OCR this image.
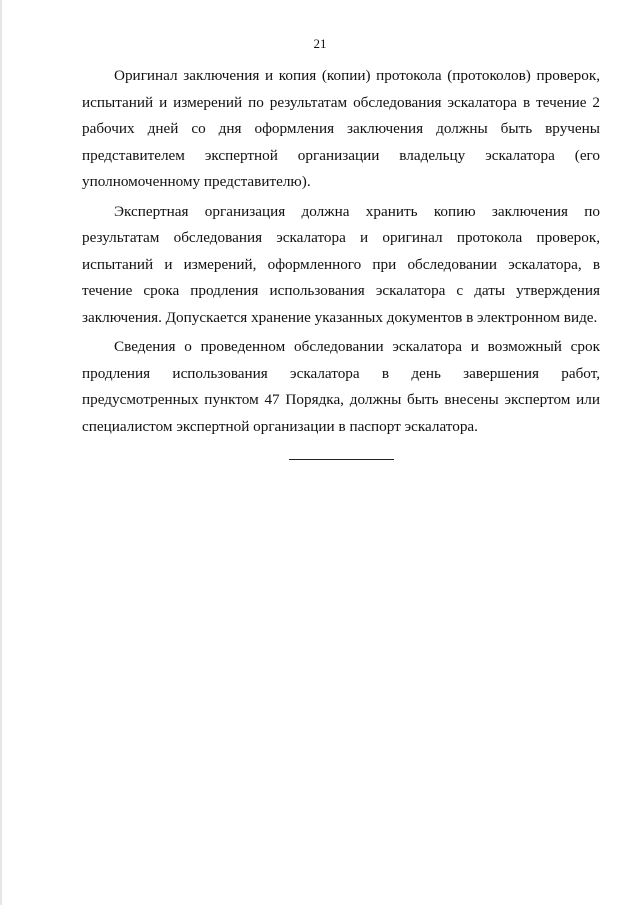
21

Оригинал заключения и копия (копии) протокола (протоколов) проверок, испытаний и измерений по результатам обследования эскалатора в течение 2 рабочих дней со дня оформления заключения должны быть вручены представителем экспертной организации владельцу эскалатора (его уполномоченному представителю).

Экспертная организация должна хранить копию заключения по результатам обследования эскалатора и оригинал протокола проверок, испытаний и измерений, оформленного при обследовании эскалатора, в течение срока продления использования эскалатора с даты утверждения заключения. Допускается хранение указанных документов в электронном виде.

Сведения о проведенном обследовании эскалатора и возможный срок продления использования эскалатора в день завершения работ, предусмотренных пунктом 47 Порядка, должны быть внесены экспертом или специалистом экспертной организации в паспорт эскалатора.
